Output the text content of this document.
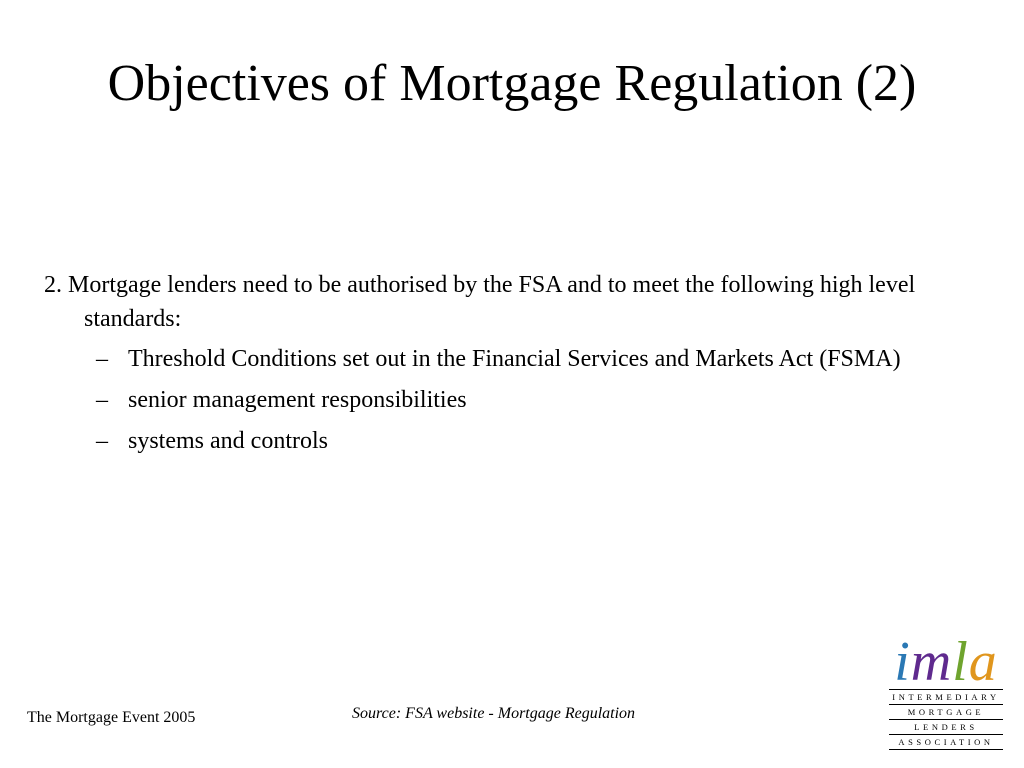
Objectives of Mortgage Regulation (2)

2. Mortgage lenders need to be authorised by the FSA and to meet the following high level standards:

– Threshold Conditions set out in the Financial Services and Markets Act (FSMA)
– senior management responsibilities
– systems and controls
The Mortgage Event 2005	Source: FSA website - Mortgage Regulation
imla
INTERMEDIARY
MORTGAGE
LENDERS
ASSOCIATION
